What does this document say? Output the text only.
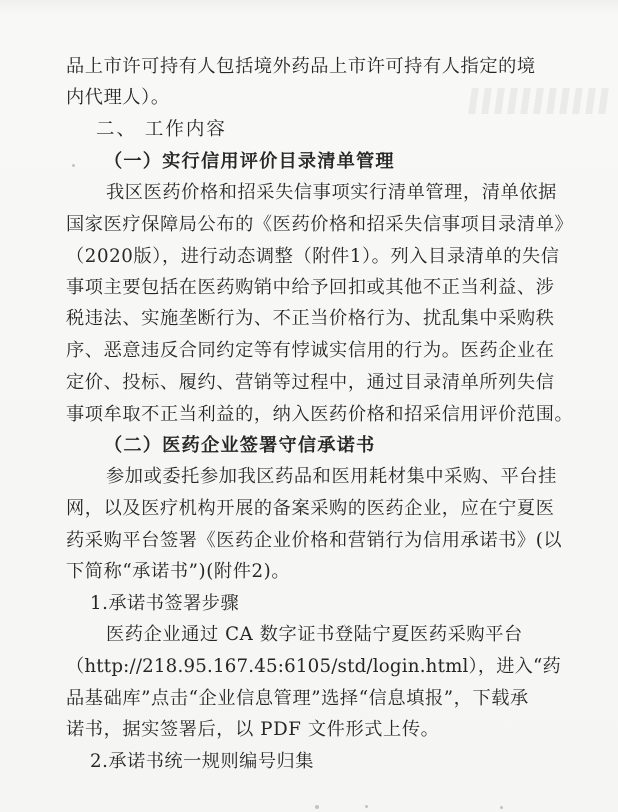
品上市许可持有人包括境外药品上市许可持有人指定的境
内代理人）。
二、 工作内容
（一）实行信用评价目录清单管理
我区医药价格和招采失信事项实行清单管理，清单依据
国家医疗保障局公布的《医药价格和招采失信事项目录清单》
（2020版），进行动态调整（附件1）。列入目录清单的失信
事项主要包括在医药购销中给予回扣或其他不正当利益、涉
税违法、实施垄断行为、不正当价格行为、扰乱集中采购秩
序、恶意违反合同约定等有悖诚实信用的行为。医药企业在
定价、投标、履约、营销等过程中，通过目录清单所列失信
事项牟取不正当利益的，纳入医药价格和招采信用评价范围。
（二）医药企业签署守信承诺书
参加或委托参加我区药品和医用耗材集中采购、平台挂
网，以及医疗机构开展的备案采购的医药企业，应在宁夏医
药采购平台签署《医药企业价格和营销行为信用承诺书》(以
下简称“承诺书”)(附件2)。
1.承诺书签署步骤
医药企业通过 CA 数字证书登陆宁夏医药采购平台
（http://218.95.167.45:6105/std/login.html），进入“药
品基础库”点击“企业信息管理”选择“信息填报”，下载承
诺书，据实签署后，以 PDF 文件形式上传。
2.承诺书统一规则编号归集
